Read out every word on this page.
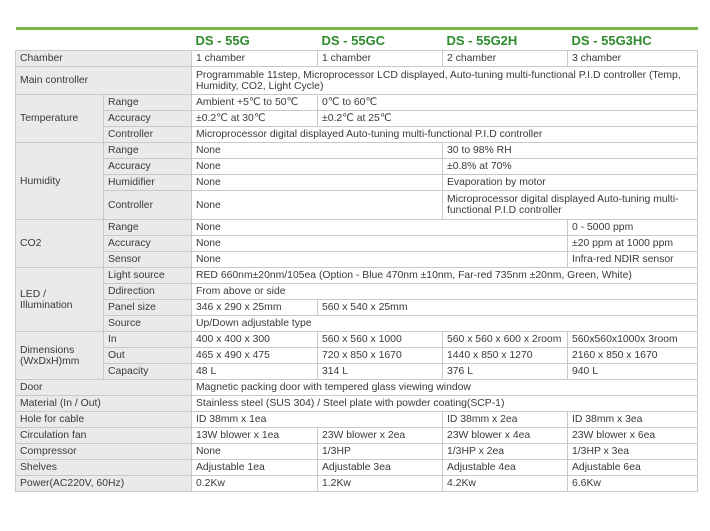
		DS - 55G	DS - 55GC	DS - 55G2H	DS - 55G3HC
Chamber		1 chamber	1 chamber	2 chamber	3 chamber
Main controller		Programmable 11step, Microprocessor LCD displayed, Auto-tuning multi-functional P.I.D controller (Temp, Humidity, CO2, Light Cycle)			
Temperature	Range	Ambient +5℃ to 50℃	0℃ to 60℃		
	Accuracy	±0.2℃ at 30℃	±0.2℃ at 25℃		
	Controller	Microprocessor digital displayed Auto-tuning multi-functional P.I.D controller			
Humidity	Range	None		30 to 98% RH	
	Accuracy	None		±0.8% at 70%	
	Humidifier	None		Evaporation by motor	
	Controller	None		Microprocessor digital displayed Auto-tuning multi-functional P.I.D controller	
CO2	Range	None			0 - 5000 ppm
	Accuracy	None			±20 ppm at 1000 ppm
	Sensor	None			Infra-red NDIR sensor
LED /
Illumination	Light source	RED 660nm±20nm/105ea (Option - Blue 470nm ±10nm, Far-red 735nm ±20nm, Green, White)			
	Ddirection	From above or side			
	Panel size	346 x 290 x 25mm	560 x 540 x 25mm		
	Source	Up/Down adjustable type			
Dimensions
(WxDxH)mm	In	400 x 400 x 300	560 x 560 x 1000	560 x 560 x 600 x 2room	560x560x1000x 3room
	Out	465 x 490 x 475	720 x 850 x 1670	1440 x 850 x 1270	2160 x 850 x 1670
	Capacity	48 L	314 L	376 L	940 L
Door		Magnetic packing door with tempered glass viewing window			
Material (In / Out)		Stainless steel (SUS 304) / Steel plate with powder coating(SCP-1)			
Hole for cable		ID 38mm x 1ea		ID 38mm x 2ea	ID 38mm x 3ea
Circulation fan		13W blower x 1ea	23W blower x 2ea	23W blower x 4ea	23W blower x 6ea
Compressor		None	1/3HP	1/3HP x 2ea	1/3HP x 3ea
Shelves		Adjustable 1ea	Adjustable 3ea	Adjustable 4ea	Adjustable 6ea
Power(AC220V, 60Hz)		0.2Kw	1.2Kw	4.2Kw	6.6Kw
